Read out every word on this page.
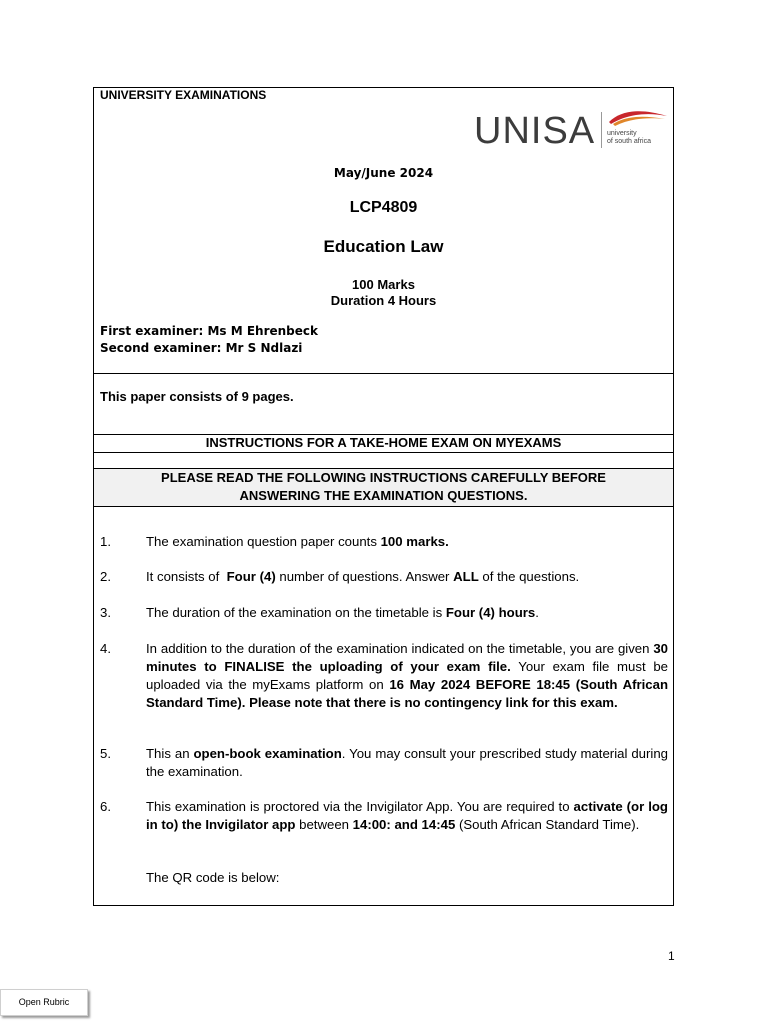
UNIVERSITY EXAMINATIONS
UNISA university
of south africa
May/June 2024
LCP4809
Education Law
100 Marks
Duration 4 Hours
First examiner: Ms M Ehrenbeck
Second examiner: Mr S Ndlazi
This paper consists of 9 pages.
INSTRUCTIONS FOR A TAKE-HOME EXAM ON MYEXAMS
PLEASE READ THE FOLLOWING INSTRUCTIONS CAREFULLY BEFORE
ANSWERING THE EXAMINATION QUESTIONS.
1.	The examination question paper counts 100 marks.
2.	It consists of  Four (4) number of questions. Answer ALL of the questions.
3.	The duration of the examination on the timetable is Four (4) hours.
4.	In addition to the duration of the examination indicated on the timetable, you are given 30 minutes to FINALISE the uploading of your exam file. Your exam file must be uploaded via the myExams platform on 16 May 2024 BEFORE 18:45 (South African Standard Time). Please note that there is no contingency link for this exam.
5.	This an open-book examination. You may consult your prescribed study material during the examination.
6.	This examination is proctored via the Invigilator App. You are required to activate (or log in to) the Invigilator app between 14:00: and 14:45 (South African Standard Time).
The QR code is below:
1
Open Rubric
